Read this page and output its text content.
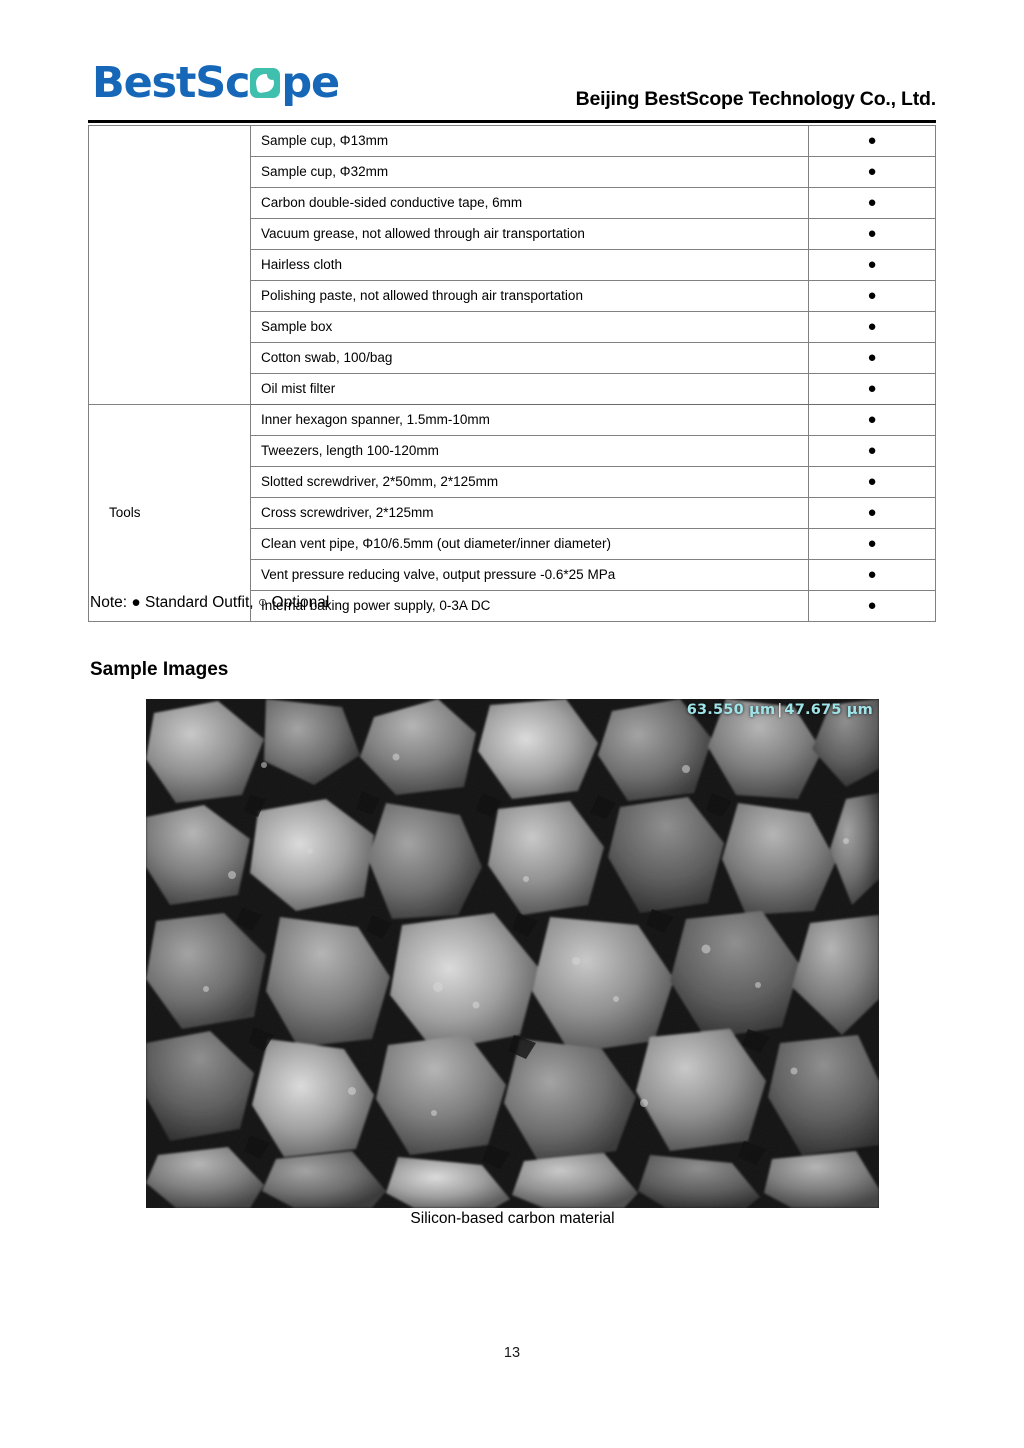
BestSc pe	Beijing BestScope Technology Co., Ltd.
	Sample cup, Φ13mm	●
	Sample cup, Φ32mm	●
	Carbon double-sided conductive tape, 6mm	●
	Vacuum grease, not allowed through air transportation	●
	Hairless cloth	●
	Polishing paste, not allowed through air transportation	●
	Sample box	●
	Cotton swab, 100/bag	●
	Oil mist filter	●
Tools	Inner hexagon spanner, 1.5mm-10mm	●
	Tweezers, length 100-120mm	●
	Slotted screwdriver, 2*50mm, 2*125mm	●
	Cross screwdriver, 2*125mm	●
	Clean vent pipe, Φ10/6.5mm (out diameter/inner diameter)	●
	Vent pressure reducing valve, output pressure -0.6*25 MPa	●
	Internal baking power supply, 0-3A DC	●
Note: ● Standard Outfit, ○ Optional
Sample Images
63.550 µm | 47.675 µm
Silicon-based carbon material
13
